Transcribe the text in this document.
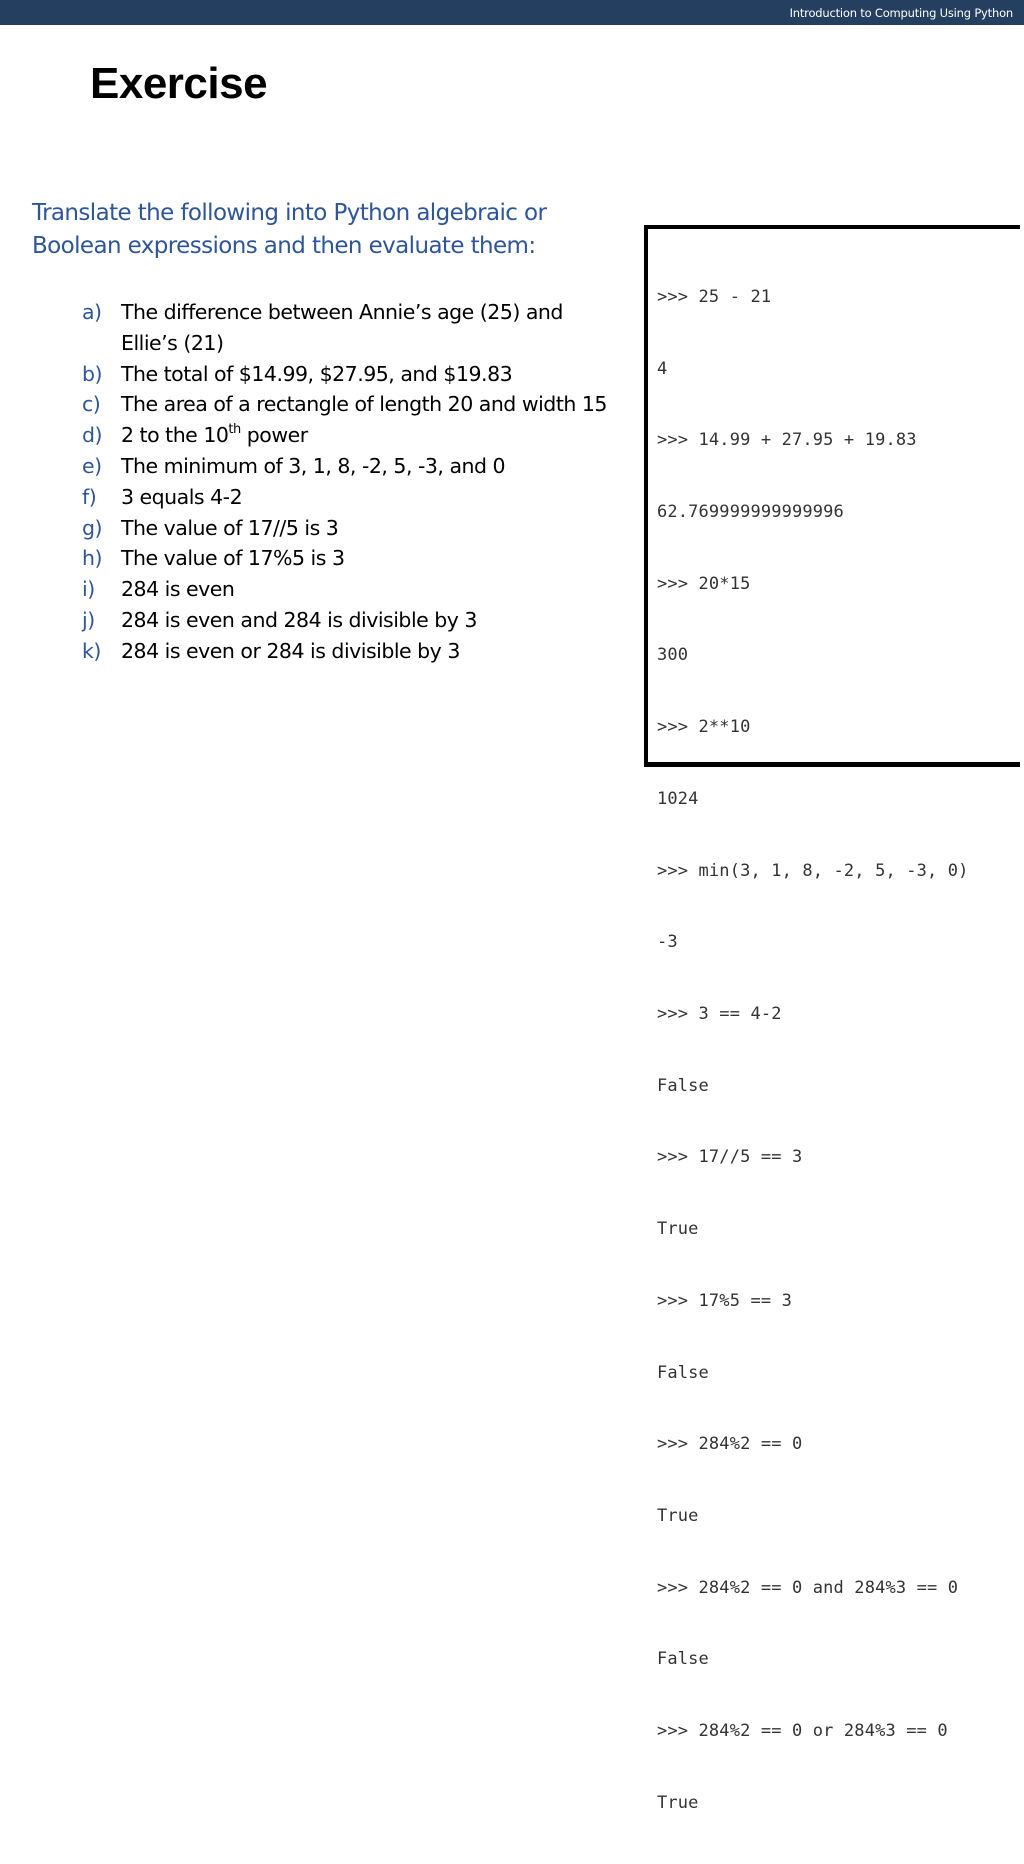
Introduction to Computing Using Python
Exercise
Translate the following into Python algebraic or
Boolean expressions and then evaluate them:
a) The difference between Annie’s age (25) and
Ellie’s (21)
b) The total of $14.99, $27.95, and $19.83
c) The area of a rectangle of length 20 and width 15
d) 2 to the 10th power
e) The minimum of 3, 1, 8, -2, 5, -3, and 0
f) 3 equals 4-2
g) The value of 17//5 is 3
h) The value of 17%5 is 3
i) 284 is even
j) 284 is even and 284 is divisible by 3
k) 284 is even or 284 is divisible by 3

>>> 25 - 21

4

>>> 14.99 + 27.95 + 19.83

62.769999999999996

>>> 20*15

300

>>> 2**10

1024

>>> min(3, 1, 8, -2, 5, -3, 0)

-3

>>> 3 == 4-2

False

>>> 17//5 == 3

True

>>> 17%5 == 3

False

>>> 284%2 == 0

True

>>> 284%2 == 0 and 284%3 == 0

False

>>> 284%2 == 0 or 284%3 == 0

True
